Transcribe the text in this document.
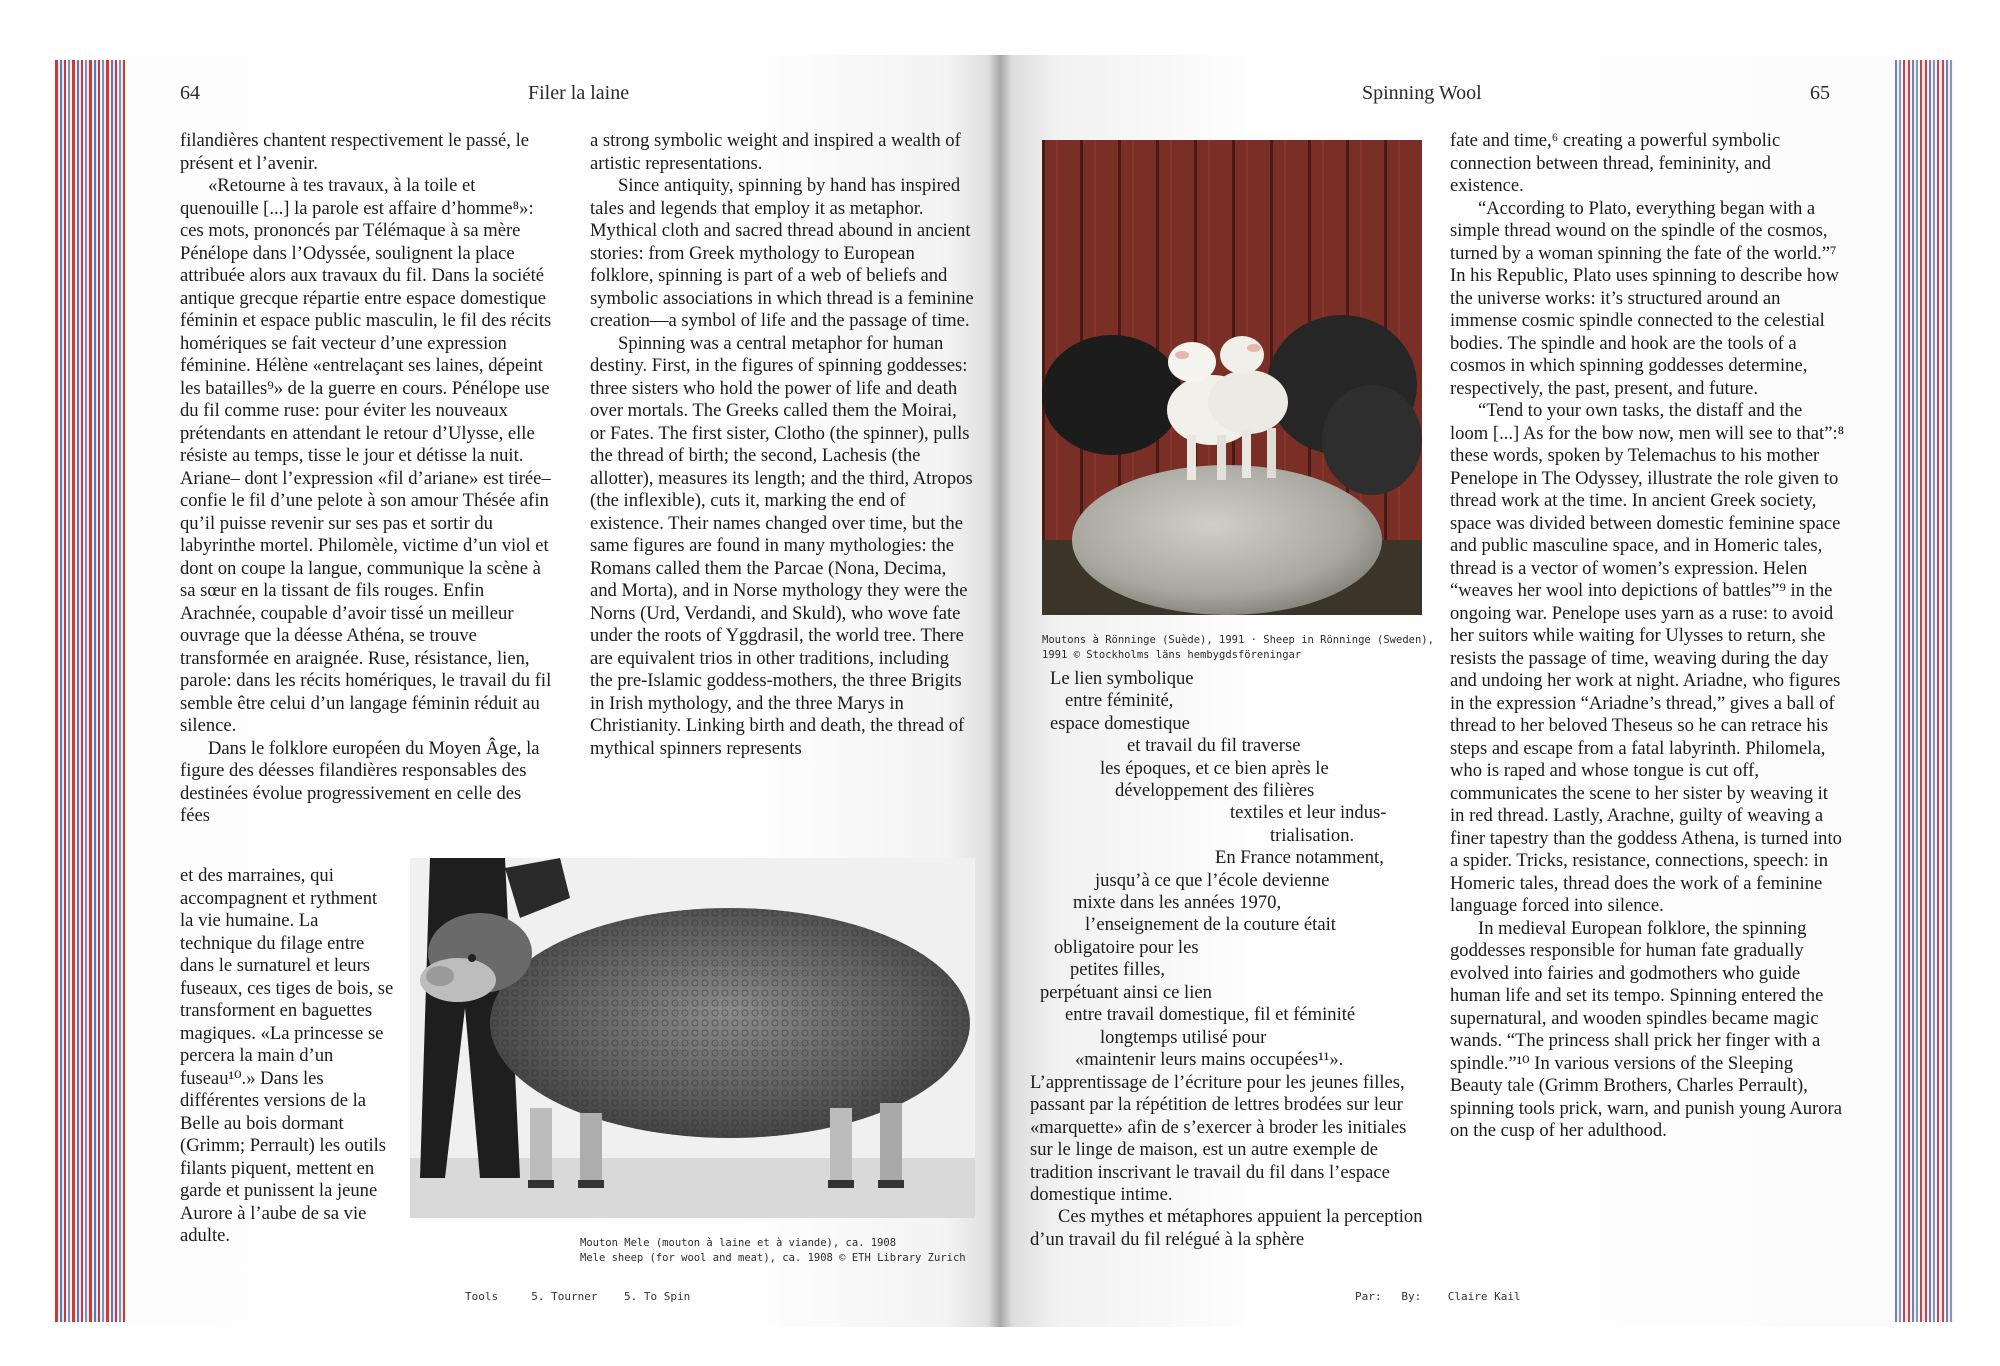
64	Filer la laine

filandières chantent respectivement le passé, le présent et l’avenir.

«Retourne à tes travaux, à la toile et quenouille [...] la parole est affaire d’homme⁸»: ces mots, prononcés par Télémaque à sa mère Pénélope dans l’Odyssée, soulignent la place attribuée alors aux travaux du fil. Dans la société antique grecque répartie entre espace domestique féminin et espace public masculin, le fil des récits homériques se fait vecteur d’une expression féminine. Hélène «entrelaçant ses laines, dépeint les batailles⁹» de la guerre en cours. Pénélope use du fil comme ruse: pour éviter les nouveaux prétendants en attendant le retour d’Ulysse, elle résiste au temps, tisse le jour et détisse la nuit. Ariane– dont l’expression «fil d’ariane» est tirée–confie le fil d’une pelote à son amour Thésée afin qu’il puisse revenir sur ses pas et sortir du labyrinthe mortel. Philomèle, victime d’un viol et dont on coupe la langue, communique la scène à sa sœur en la tissant de fils rouges. Enfin Arachnée, coupable d’avoir tissé un meilleur ouvrage que la déesse Athéna, se trouve transformée en araignée. Ruse, résistance, lien, parole: dans les récits homériques, le travail du fil semble être celui d’un langage féminin réduit au silence.

Dans le folklore européen du Moyen Âge, la figure des déesses filandières responsables des destinées évolue progressivement en celle des fées

et des marraines, qui accompagnent et rythment la vie humaine. La technique du filage entre dans le surnaturel et leurs fuseaux, ces tiges de bois, se transforment en baguettes magiques. «La princesse se percera la main d’un fuseau¹⁰.» Dans les différentes versions de la Belle au bois dormant (Grimm; Perrault) les outils filants piquent, mettent en garde et punissent la jeune Aurore à l’aube de sa vie adulte.

a strong symbolic weight and inspired a wealth of artistic representations.

Since antiquity, spinning by hand has inspired tales and legends that employ it as metaphor. Mythical cloth and sacred thread abound in ancient stories: from Greek mythology to European folklore, spinning is part of a web of beliefs and symbolic associations in which thread is a feminine creation—a symbol of life and the passage of time.

Spinning was a central metaphor for human destiny. First, in the figures of spinning goddesses: three sisters who hold the power of life and death over mortals. The Greeks called them the Moirai, or Fates. The first sister, Clotho (the spinner), pulls the thread of birth; the second, Lachesis (the allotter), measures its length; and the third, Atropos (the inflexible), cuts it, marking the end of existence. Their names changed over time, but the same figures are found in many mythologies: the Romans called them the Parcae (Nona, Decima, and Morta), and in Norse mythology they were the Norns (Urd, Verdandi, and Skuld), who wove fate under the roots of Yggdrasil, the world tree. There are equivalent trios in other traditions, including the pre-Islamic goddess-mothers, the three Brigits in Irish mythology, and the three Marys in Christianity. Linking birth and death, the thread of mythical spinners represents

Mouton Mele (mouton à laine et à viande), ca. 1908
Mele sheep (for wool and meat), ca. 1908 © ETH Library Zurich
Tools	5. Tourner 5. To Spin
Spinning Wool	65
Moutons à Rönninge (Suède), 1991 · Sheep in Rönninge (Sweden),
1991 © Stockholms läns hembygdsföreningar
Le lien symbolique
entre féminité,
espace domestique
et travail du fil traverse
les époques, et ce bien après le
développement des filières
textiles et leur indus-
trialisation.
En France notamment,
jusqu’à ce que l’école devienne
mixte dans les années 1970,
l’enseignement de la couture était
obligatoire pour les
petites filles,
perpétuant ainsi ce lien
entre travail domestique, fil et féminité
longtemps utilisé pour
«maintenir leurs mains occupées¹¹».

L’apprentissage de l’écriture pour les jeunes filles, passant par la répétition de lettres brodées sur leur «marquette» afin de s’exercer à broder les initiales sur le linge de maison, est un autre exemple de tradition inscrivant le travail du fil dans l’espace domestique intime.

Ces mythes et métaphores appuient la perception d’un travail du fil relégué à la sphère

fate and time,⁶ creating a powerful symbolic connection between thread, femininity, and existence.

“According to Plato, everything began with a simple thread wound on the spindle of the cosmos, turned by a woman spinning the fate of the world.”⁷ In his Republic, Plato uses spinning to describe how the universe works: it’s structured around an immense cosmic spindle connected to the celestial bodies. The spindle and hook are the tools of a cosmos in which spinning goddesses determine, respectively, the past, present, and future.

“Tend to your own tasks, the distaff and the loom [...] As for the bow now, men will see to that”:⁸ these words, spoken by Telemachus to his mother Penelope in The Odyssey, illustrate the role given to thread work at the time. In ancient Greek society, space was divided between domestic feminine space and public masculine space, and in Homeric tales, thread is a vector of women’s expression. Helen “weaves her wool into depictions of battles”⁹ in the ongoing war. Penelope uses yarn as a ruse: to avoid her suitors while waiting for Ulysses to return, she resists the passage of time, weaving during the day and undoing her work at night. Ariadne, who figures in the expression “Ariadne’s thread,” gives a ball of thread to her beloved Theseus so he can retrace his steps and escape from a fatal labyrinth. Philomela, who is raped and whose tongue is cut off, communicates the scene to her sister by weaving it in red thread. Lastly, Arachne, guilty of weaving a finer tapestry than the goddess Athena, is turned into a spider. Tricks, resistance, connections, speech: in Homeric tales, thread does the work of a feminine language forced into silence.

In medieval European folklore, the spinning goddesses responsible for human fate gradually evolved into fairies and godmothers who guide human life and set its tempo. Spinning entered the supernatural, and wooden spindles became magic wands. “The princess shall prick her finger with a spindle.”¹⁰ In various versions of the Sleeping Beauty tale (Grimm Brothers, Charles Perrault), spinning tools prick, warn, and punish young Aurora on the cusp of her adulthood.

Par: By: Claire Kail
